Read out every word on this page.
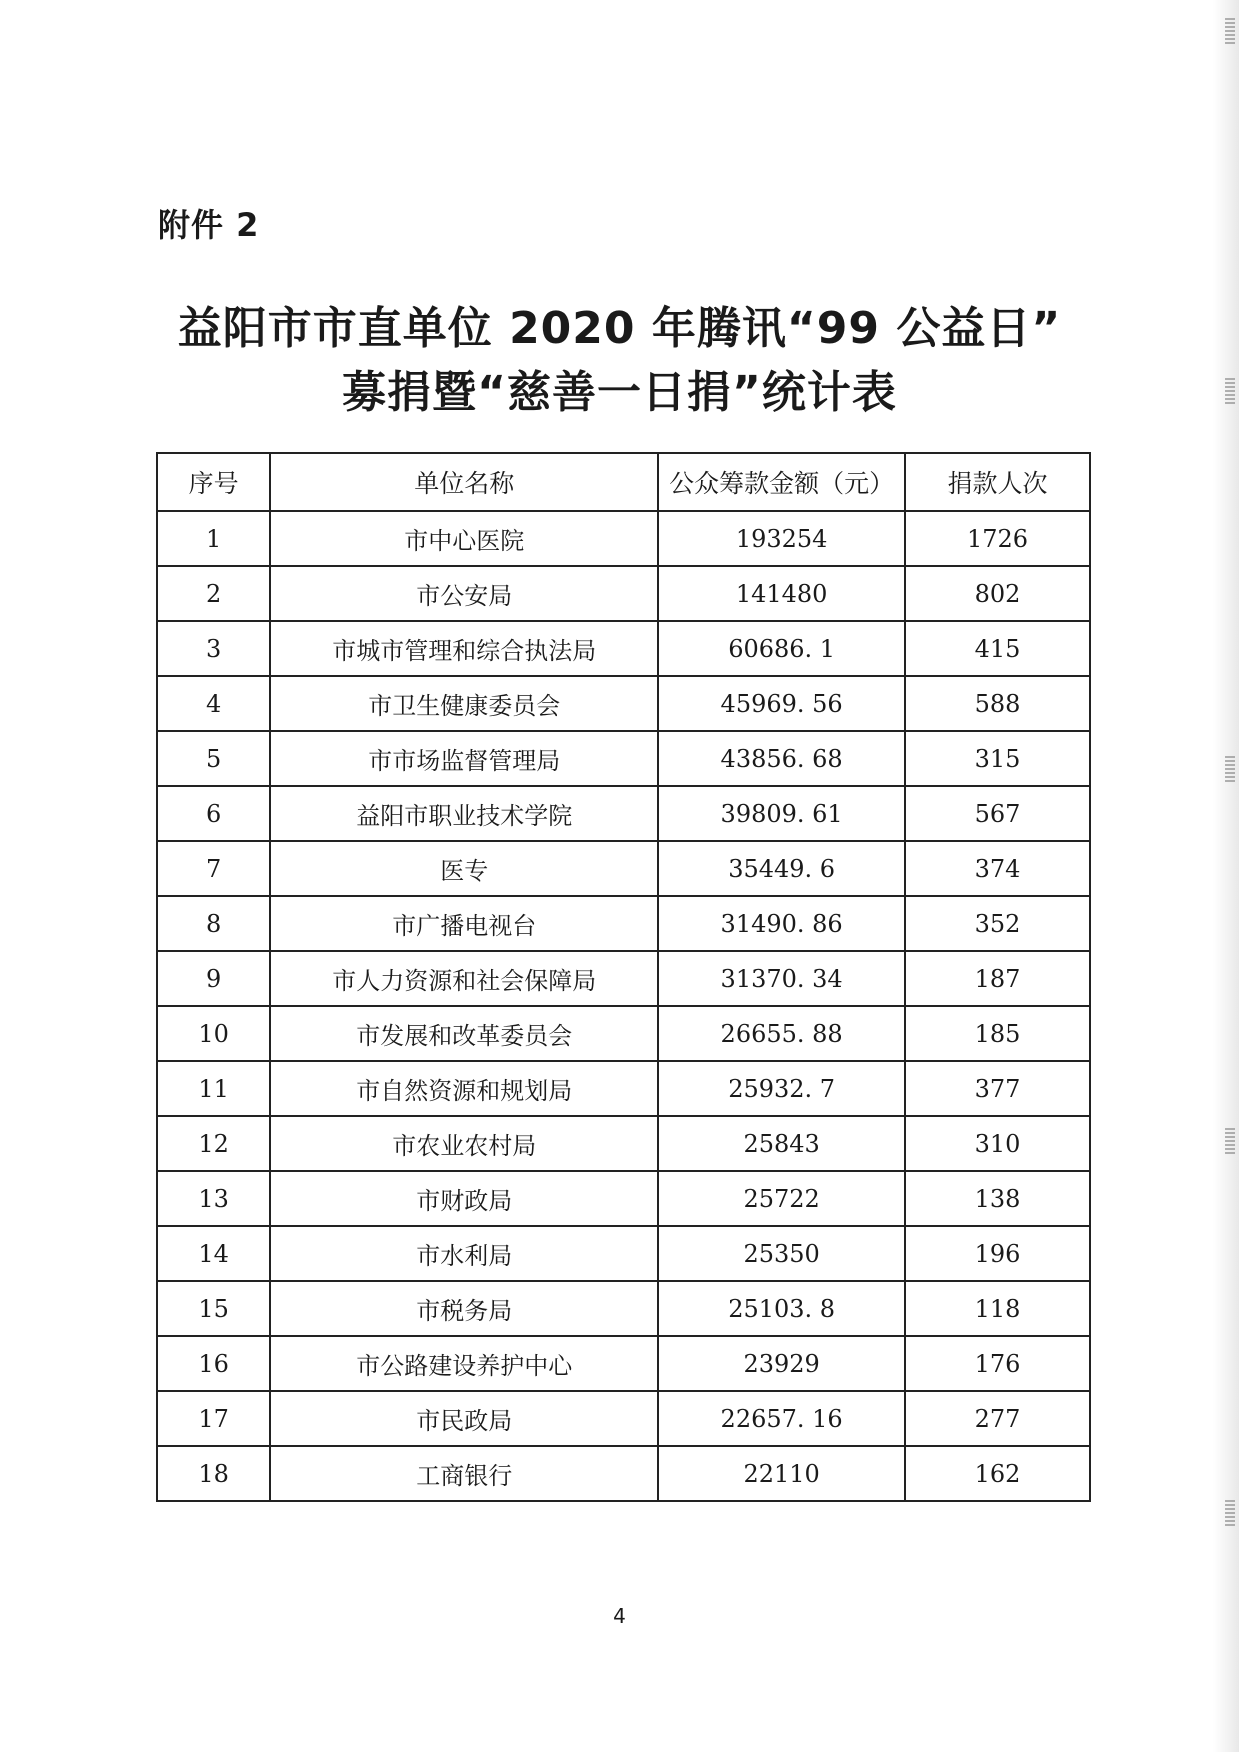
附件 2
益阳市市直单位 2020 年腾讯“99 公益日”
募捐暨“慈善一日捐”统计表
序号	单位名称	公众筹款金额（元）	捐款人次
1	市中心医院	193254	1726
2	市公安局	141480	802
3	市城市管理和综合执法局	60686. 1	415
4	市卫生健康委员会	45969. 56	588
5	市市场监督管理局	43856. 68	315
6	益阳市职业技术学院	39809. 61	567
7	医专	35449. 6	374
8	市广播电视台	31490. 86	352
9	市人力资源和社会保障局	31370. 34	187
10	市发展和改革委员会	26655. 88	185
11	市自然资源和规划局	25932. 7	377
12	市农业农村局	25843	310
13	市财政局	25722	138
14	市水利局	25350	196
15	市税务局	25103. 8	118
16	市公路建设养护中心	23929	176
17	市民政局	22657. 16	277
18	工商银行	22110	162
4
